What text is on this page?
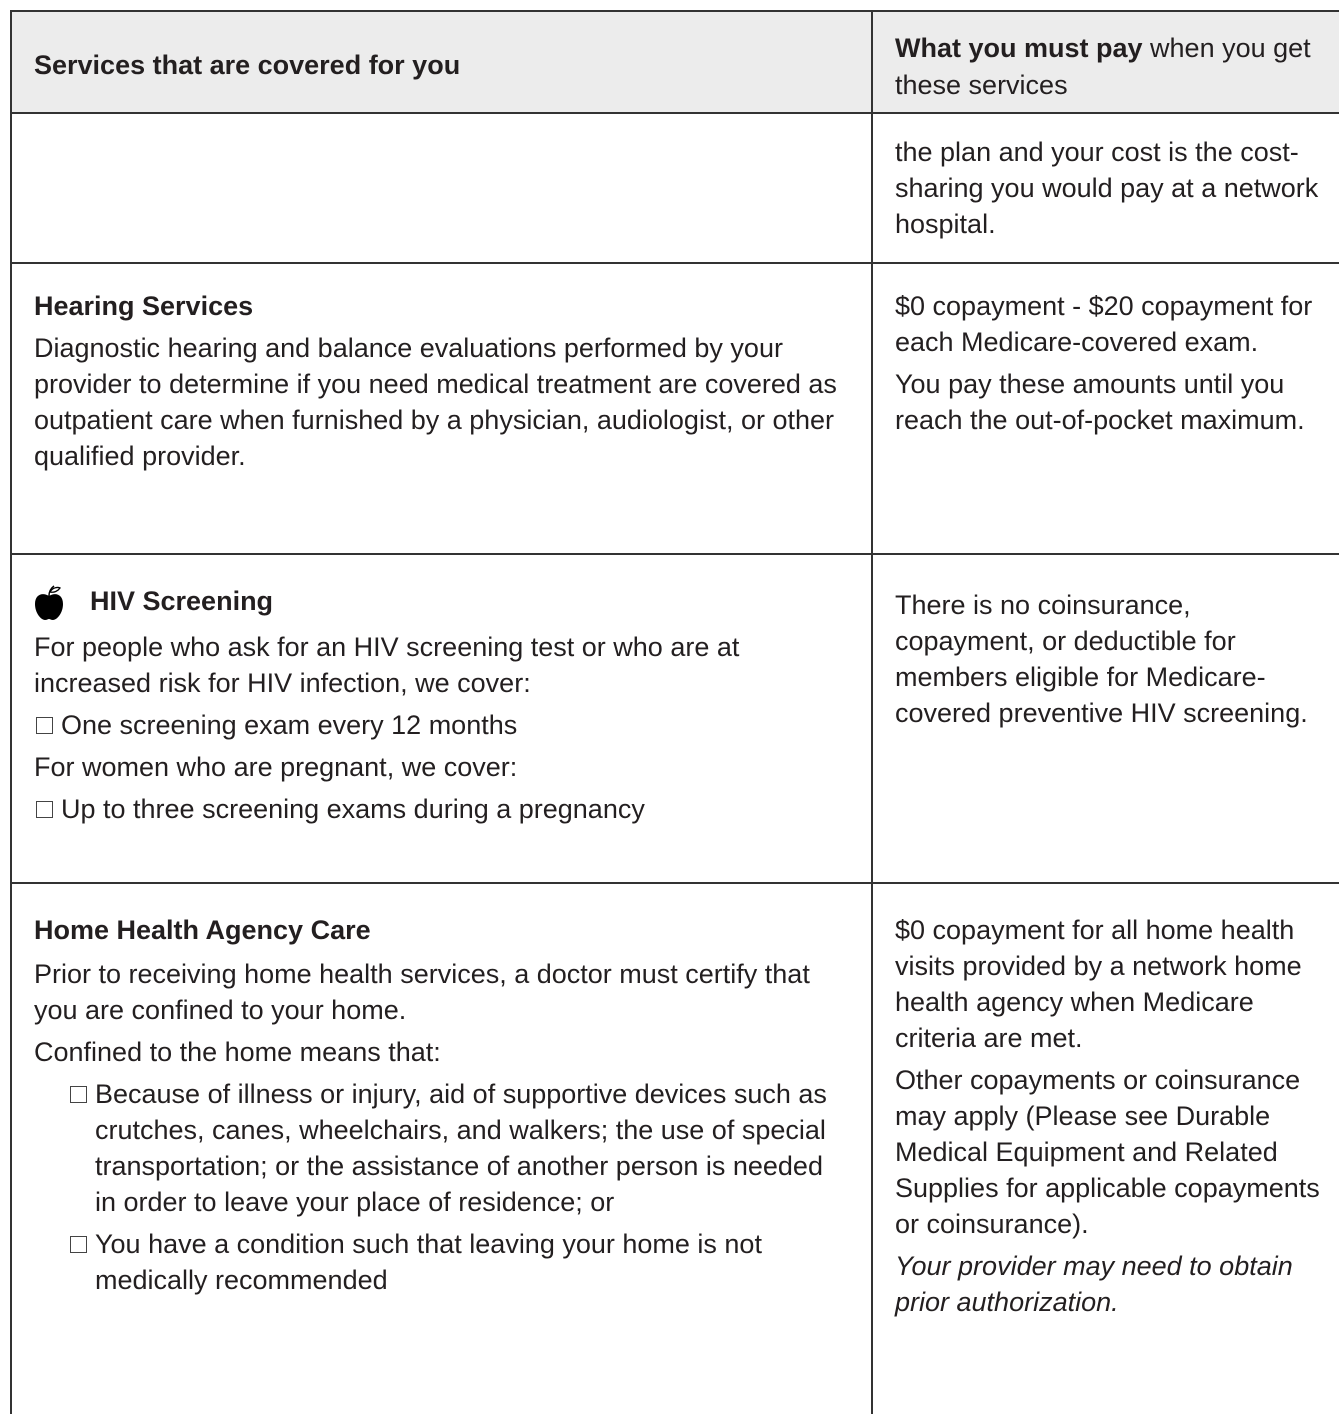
Services that are covered for you
What you must pay when you get these services

the plan and your cost is the cost-sharing you would pay at a network hospital.

Hearing Services

Diagnostic hearing and balance evaluations performed by your provider to determine if you need medical treatment are covered as outpatient care when furnished by a physician, audiologist, or other qualified provider.

$0 copayment - $20 copayment for each Medicare-covered exam.

You pay these amounts until you reach the out-of-pocket maximum.

HIV Screening

For people who ask for an HIV screening test or who are at increased risk for HIV infection, we cover:

One screening exam every 12 months

For women who are pregnant, we cover:

Up to three screening exams during a pregnancy

There is no coinsurance, copayment, or deductible for members eligible for Medicare-covered preventive HIV screening.

Home Health Agency Care

Prior to receiving home health services, a doctor must certify that you are confined to your home.

Confined to the home means that:

Because of illness or injury, aid of supportive devices such as crutches, canes, wheelchairs, and walkers; the use of special transportation; or the assistance of another person is needed in order to leave your place of residence; or
You have a condition such that leaving your home is not medically recommended

$0 copayment for all home health visits provided by a network home health agency when Medicare criteria are met.

Other copayments or coinsurance may apply (Please see Durable Medical Equipment and Related Supplies for applicable copayments or coinsurance).

Your provider may need to obtain prior authorization.
